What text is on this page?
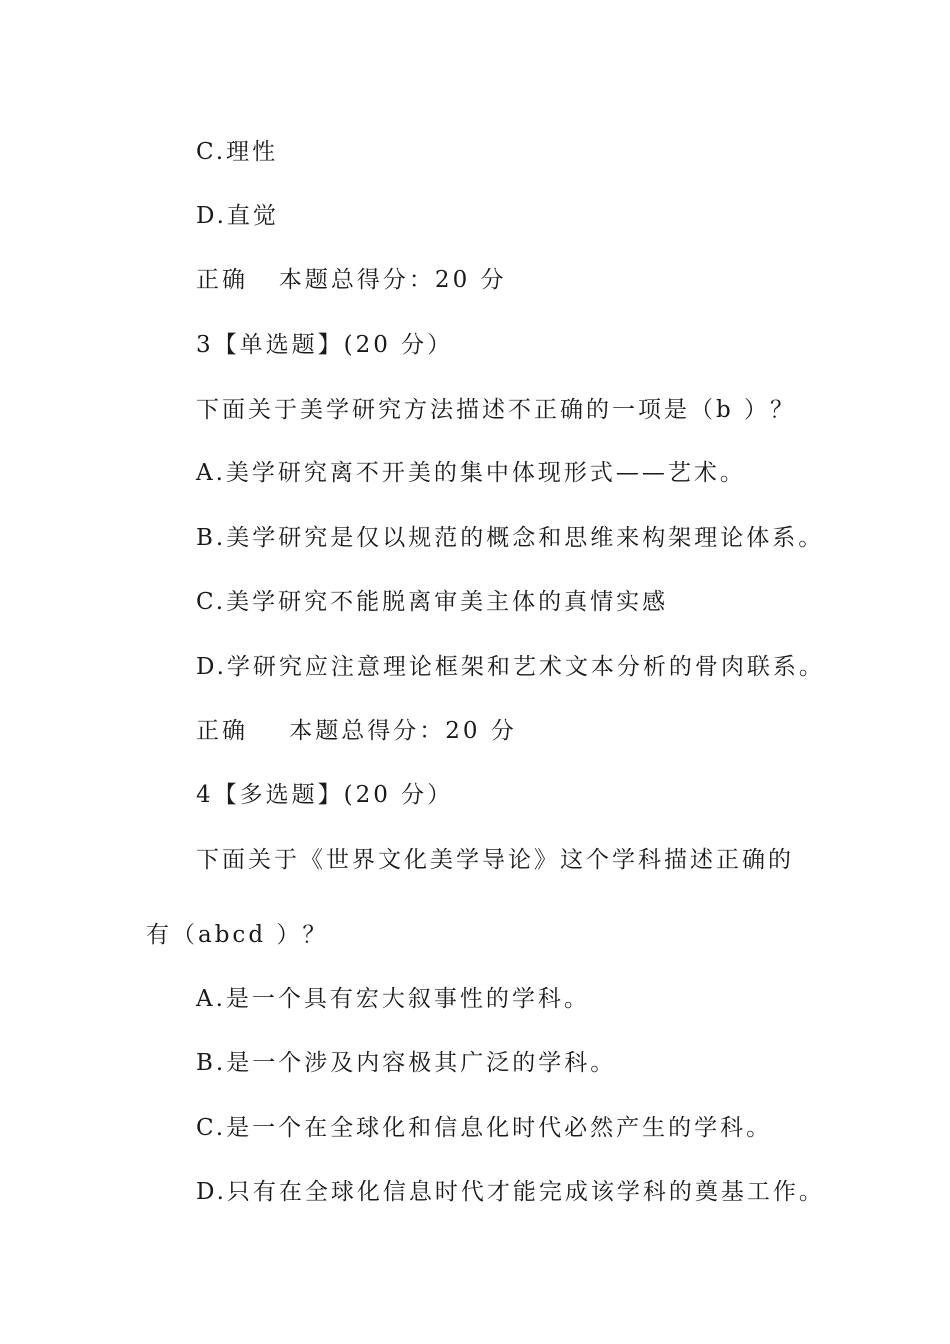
C.理性
D.直觉
正确   本题总得分：20 分
3【单选题】(20 分）
下面关于美学研究方法描述不正确的一项是（b ）？
A.美学研究离不开美的集中体现形式——艺术。
B.美学研究是仅以规范的概念和思维来构架理论体系。
C.美学研究不能脱离审美主体的真情实感
D.学研究应注意理论框架和艺术文本分析的骨肉联系。
正确    本题总得分：20 分
4【多选题】(20 分）
下面关于《世界文化美学导论》这个学科描述正确的
有（abcd ）？
A.是一个具有宏大叙事性的学科。
B.是一个涉及内容极其广泛的学科。
C.是一个在全球化和信息化时代必然产生的学科。
D.只有在全球化信息时代才能完成该学科的奠基工作。
